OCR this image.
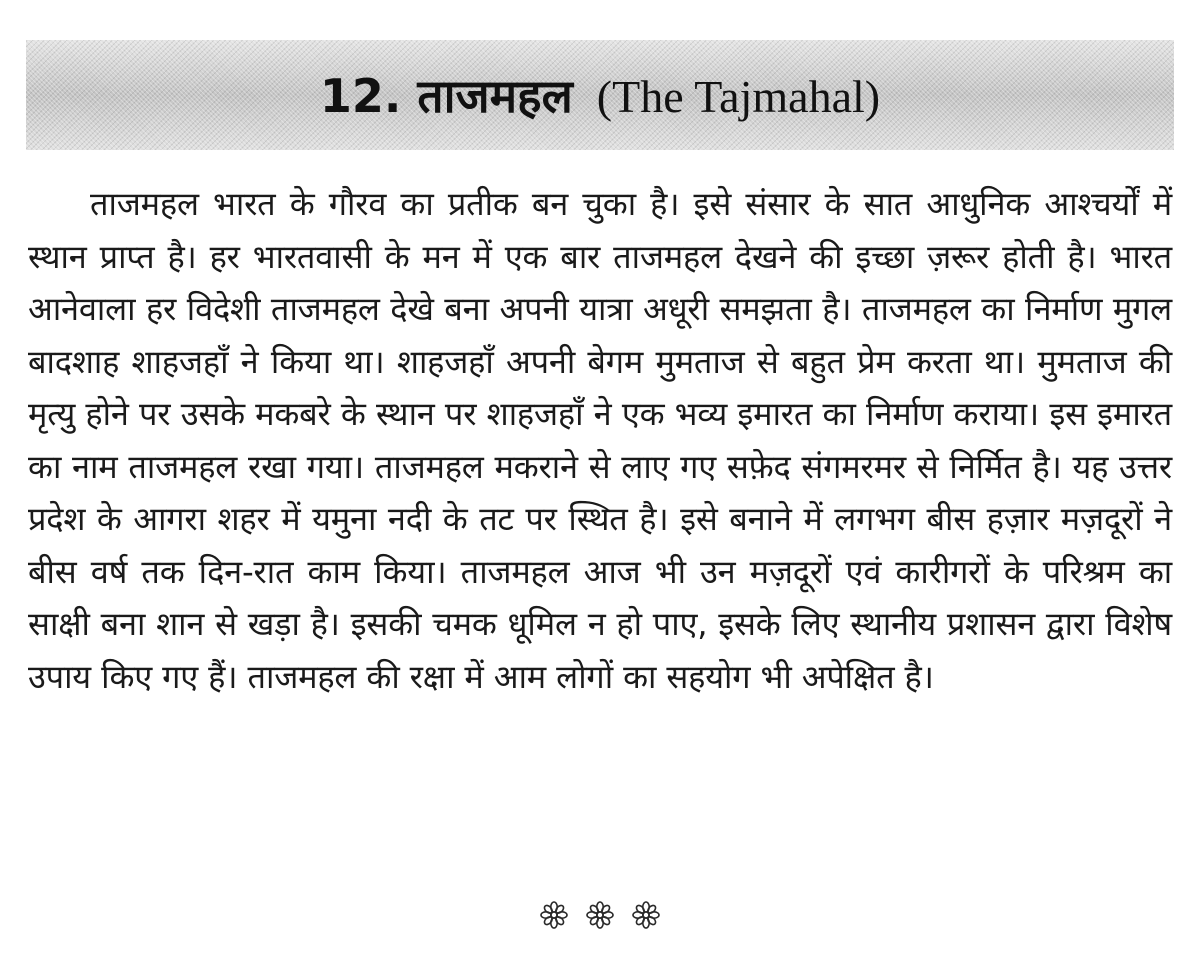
12. ताजमहल (The Tajmahal)

ताजमहल भारत के गौरव का प्रतीक बन चुका है। इसे संसार के सात आधुनिक आश्चर्यों में स्थान प्राप्त है। हर भारतवासी के मन में एक बार ताजमहल देखने की इच्छा ज़रूर होती है। भारत आनेवाला हर विदेशी ताजमहल देखे बना अपनी यात्रा अधूरी समझता है। ताजमहल का निर्माण मुगल बादशाह शाहजहाँ ने किया था। शाहजहाँ अपनी बेगम मुमताज से बहुत प्रेम करता था। मुमताज की मृत्यु होने पर उसके मकबरे के स्थान पर शाहजहाँ ने एक भव्य इमारत का निर्माण कराया। इस इमारत का नाम ताजमहल रखा गया। ताजमहल मकराने से लाए गए सफ़ेद संगमरमर से निर्मित है। यह उत्तर प्रदेश के आगरा शहर में यमुना नदी के तट पर स्थित है। इसे बनाने में लगभग बीस हज़ार मज़दूरों ने बीस वर्ष तक दिन-रात काम किया। ताजमहल आज भी उन मज़दूरों एवं कारीगरों के परिश्रम का साक्षी बना शान से खड़ा है। इसकी चमक धूमिल न हो पाए, इसके लिए स्थानीय प्रशासन द्वारा विशेष उपाय किए गए हैं। ताजमहल की रक्षा में आम लोगों का सहयोग भी अपेक्षित है।
